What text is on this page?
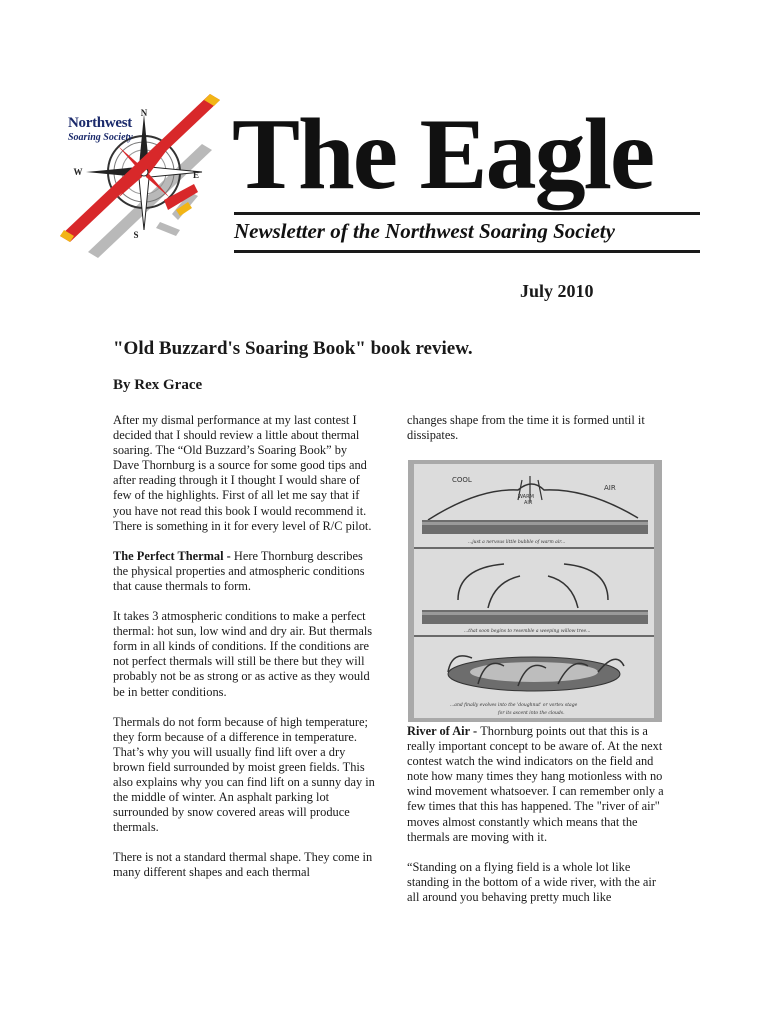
N
S
E
W
Northwest
Soaring Society The Eagle
Newsletter of the Northwest Soaring Society
July 2010
"Old Buzzard's Soaring Book" book review.
By Rex Grace

After my dismal performance at my last contest I decided that I should review a little about thermal soaring. The “Old Buzzard’s Soaring Book” by Dave Thornburg is a source for some good tips and after reading through it I thought I would share of few of the highlights. First of all let me say that if you have not read this book I would recommend it. There is something in it for every level of R/C pilot.

The Perfect Thermal - Here Thornburg describes the physical properties and atmospheric conditions that cause thermals to form.

It takes 3 atmospheric conditions to make a perfect thermal: hot sun, low wind and dry air. But thermals form in all kinds of conditions. If the conditions are not perfect thermals will still be there but they will probably not be as strong or as active as they would be in better conditions.

Thermals do not form because of high temperature; they form because of a difference in temperature. That’s why you will usually find lift over a dry brown field surrounded by moist green fields. This also explains why you can find lift on a sunny day in the middle of winter. An asphalt parking lot surrounded by snow covered areas will produce thermals.

There is not a standard thermal shape. They come in many different shapes and each thermal

changes shape from the time it is formed until it dissipates.

COOL
WARM
AIR
AIR
...just a nervous little bubble of warm air...
...that soon begins to resemble a weeping willow tree...
...and finally evolves into the 'doughnut' or vortex stage
for its ascent into the clouds.

River of Air - Thornburg points out that this is a really important concept to be aware of. At the next contest watch the wind indicators on the field and note how many times they hang motionless with no wind movement whatsoever. I can remember only a few times that this has happened. The "river of air" moves almost constantly which means that the thermals are moving with it.

“Standing on a flying field is a whole lot like standing in the bottom of a wide river, with the air all around you behaving pretty much like
